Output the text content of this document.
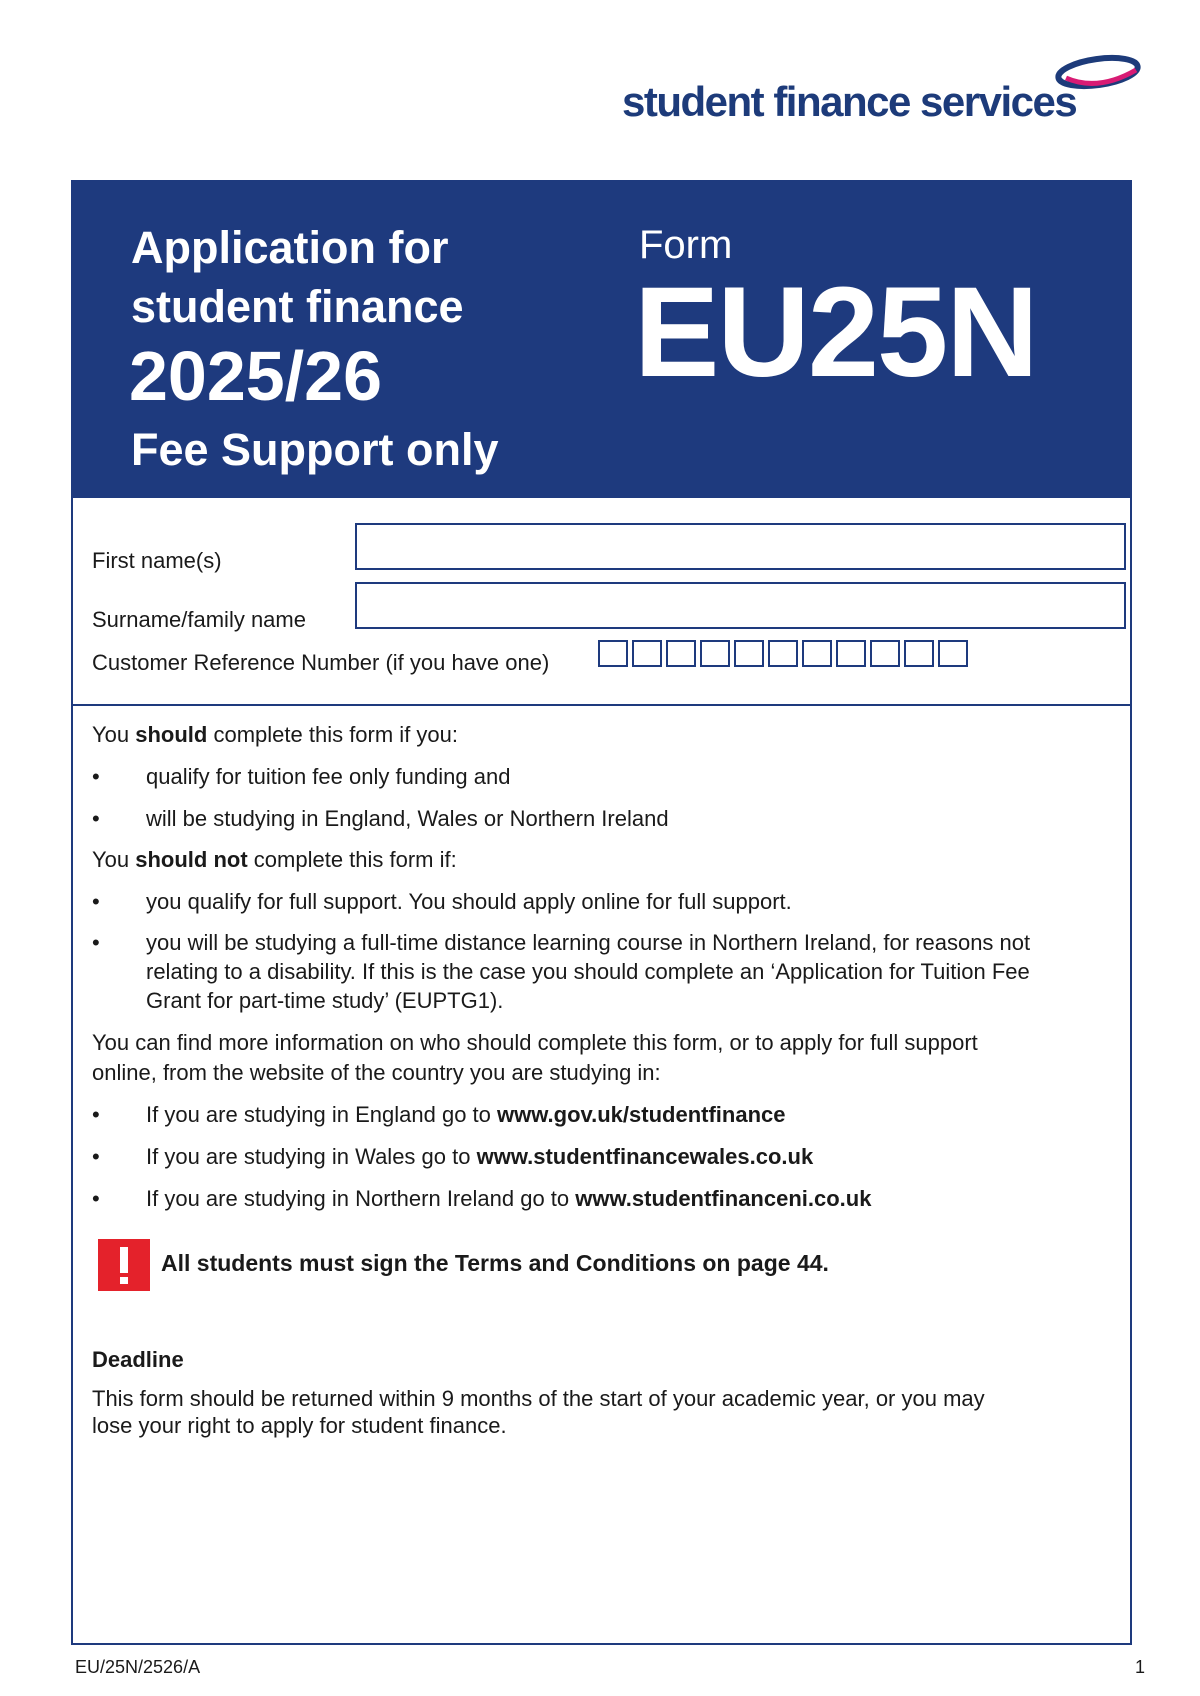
student finance services
Application for
student finance
2025/26
Fee Support only
Form
EU25N
First name(s)
Surname/family name
Customer Reference Number (if you have one)
You should complete this form if you:
• qualify for tuition fee only funding and
• will be studying in England, Wales or Northern Ireland
You should not complete this form if:
• you qualify for full support. You should apply online for full support.
• you will be studying a full-time distance learning course in Northern Ireland, for reasons not
relating to a disability. If this is the case you should complete an ‘Application for Tuition Fee
Grant for part-time study’ (EUPTG1).
You can find more information on who should complete this form, or to apply for full support
online, from the website of the country you are studying in:
• If you are studying in England go to www.gov.uk/studentfinance
• If you are studying in Wales go to www.studentfinancewales.co.uk
• If you are studying in Northern Ireland go to www.studentfinanceni.co.uk
All students must sign the Terms and Conditions on page 44.
Deadline
This form should be returned within 9 months of the start of your academic year, or you may
lose your right to apply for student finance.
EU/25N/2526/A	1
